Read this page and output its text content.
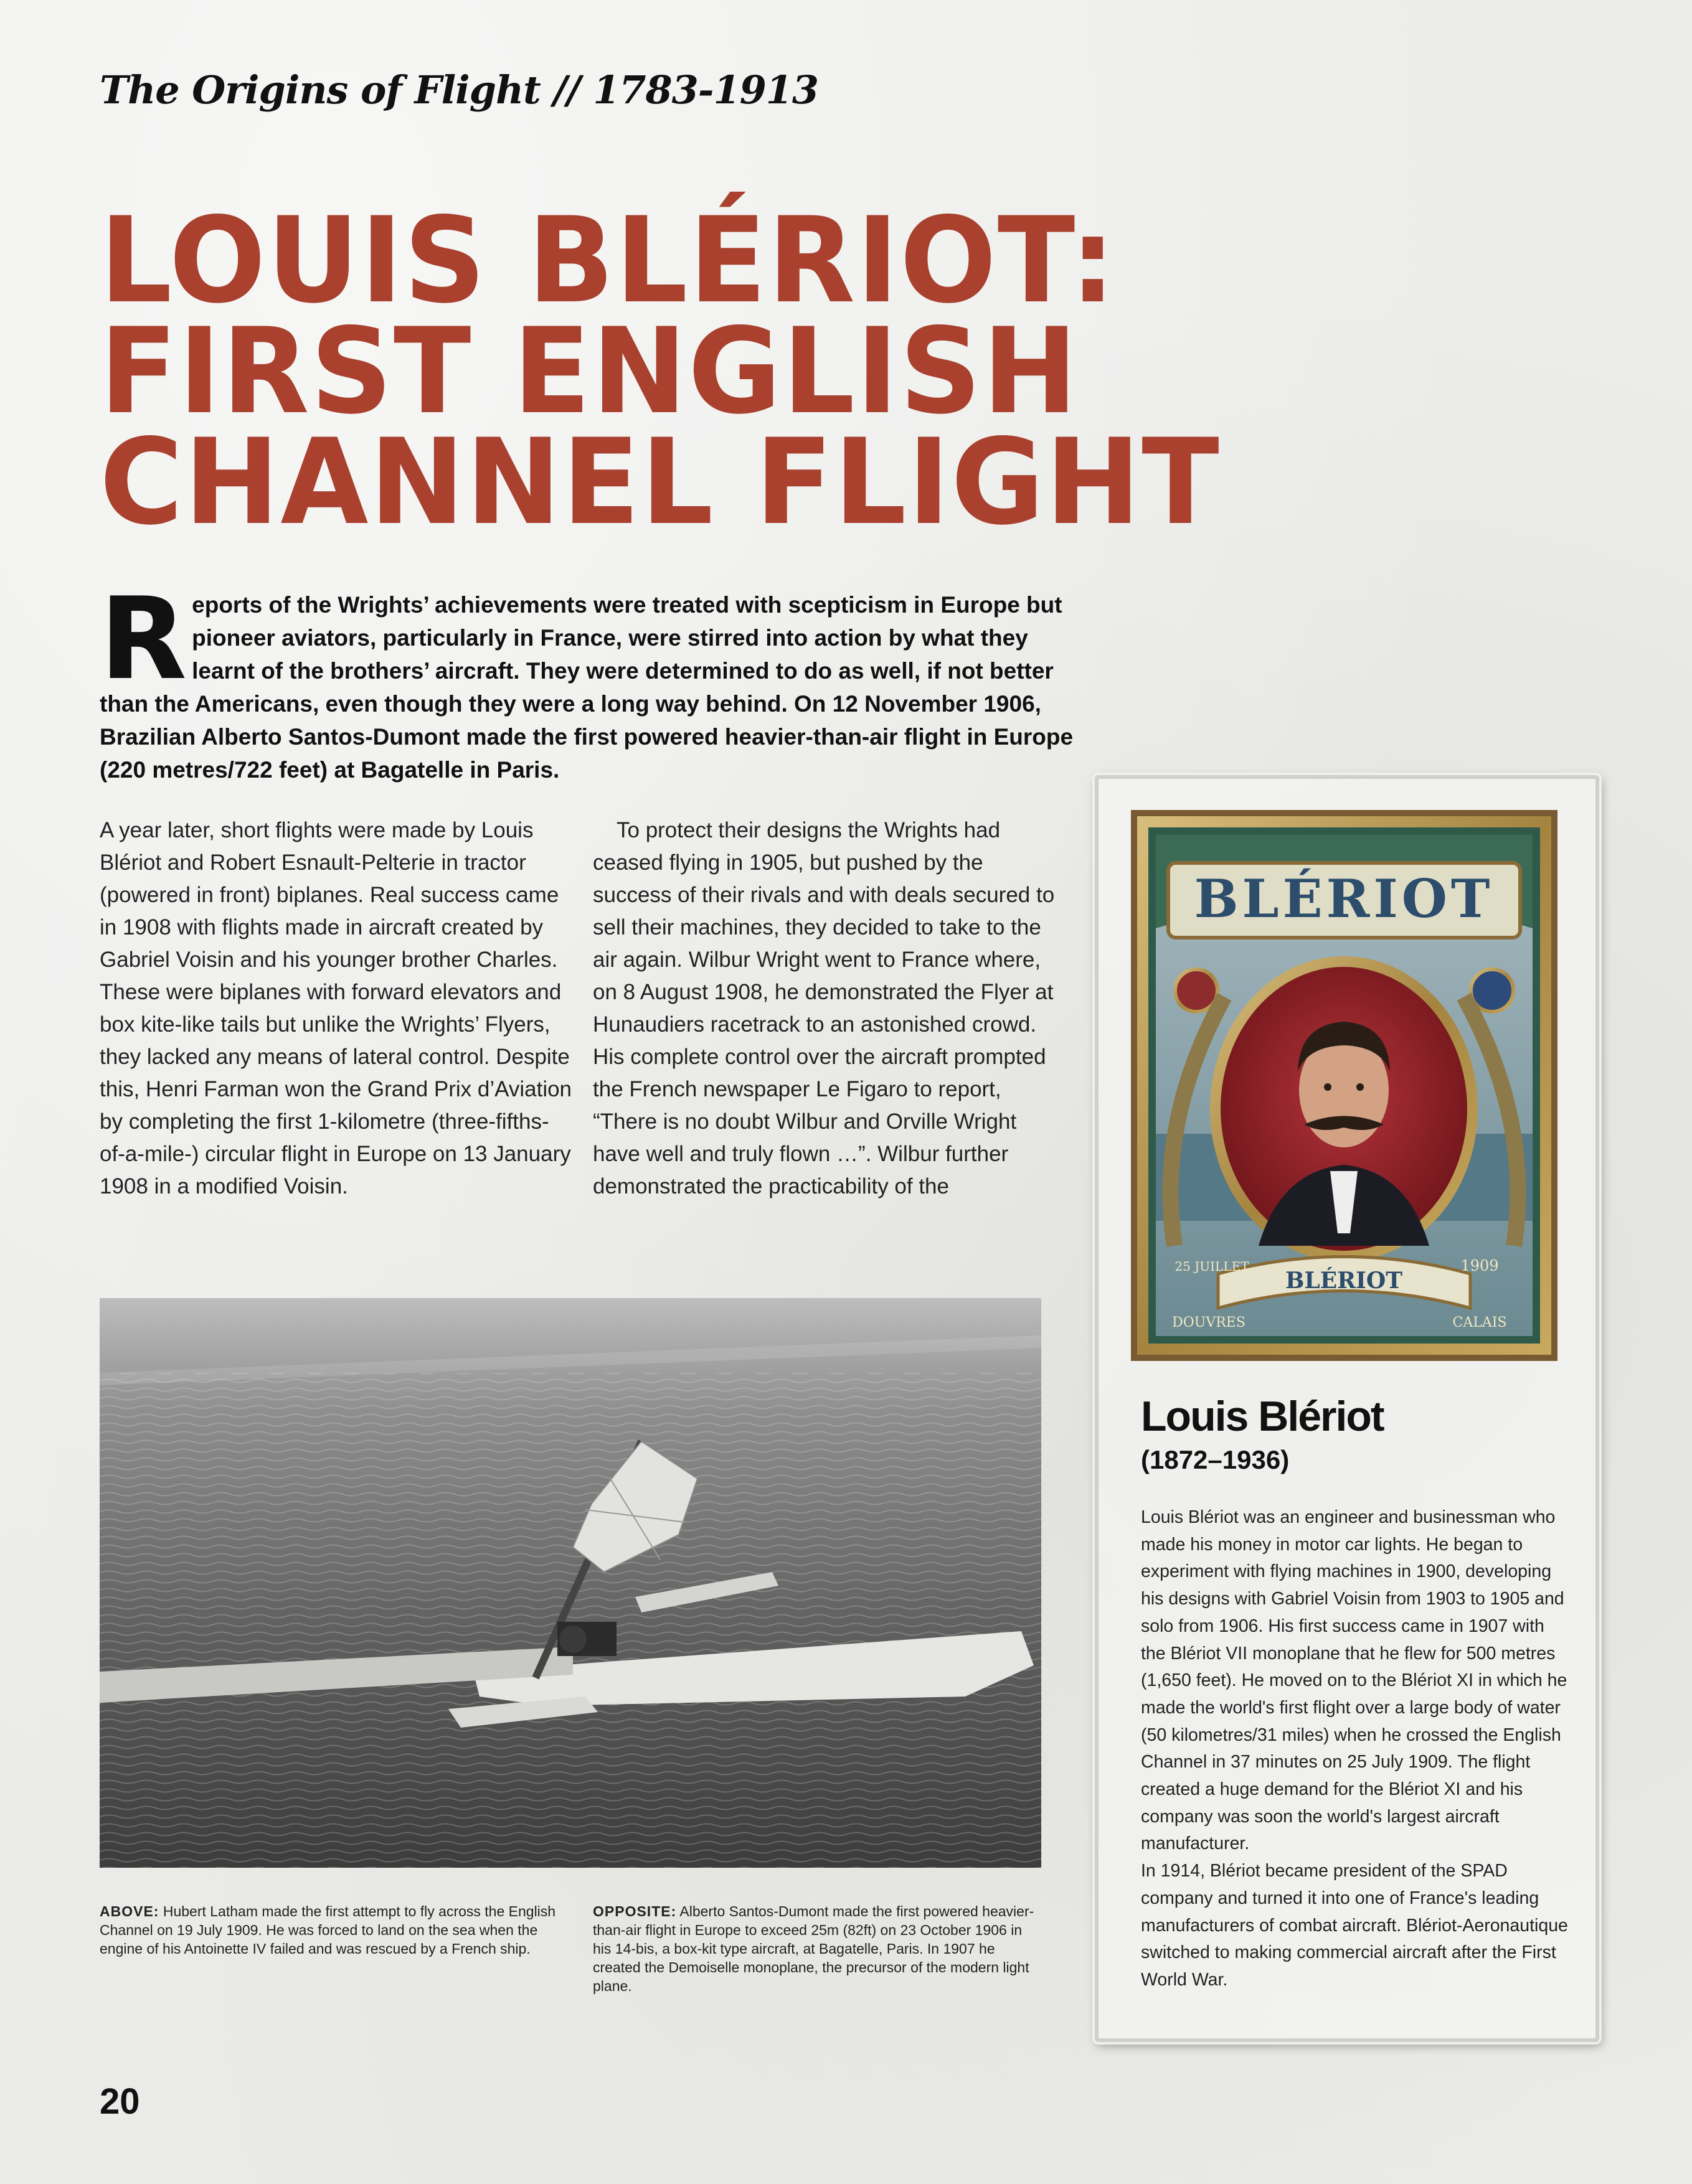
The Origins of Flight // 1783-1913
LOUIS BLÉRIOT:
FIRST ENGLISH
CHANNEL FLIGHT
R eports of the Wrights’ achievements were treated with scepticism in Europe but pioneer aviators, particularly in France, were stirred into action by what they learnt of the brothers’ aircraft. They were determined to do as well, if not better than the Americans, even though they were a long way behind. On 12 November 1906, Brazilian Alberto Santos-Dumont made the first powered heavier-than-air flight in Europe (220 metres/722 feet) at Bagatelle in Paris.
A year later, short flights were made by Louis Blériot and Robert Esnault-Pelterie in tractor (powered in front) biplanes. Real success came in 1908 with flights made in aircraft created by Gabriel Voisin and his younger brother Charles. These were biplanes with forward elevators and box kite-like tails but unlike the Wrights’ Flyers, they lacked any means of lateral control. Despite this, Henri Farman won the Grand Prix d’Aviation by completing the first 1-kilometre (three-fifths-of-a-mile-) circular flight in Europe on 13 January 1908 in a modified Voisin.
To protect their designs the Wrights had ceased flying in 1905, but pushed by the success of their rivals and with deals secured to sell their machines, they decided to take to the air again. Wilbur Wright went to France where, on 8 August 1908, he demonstrated the Flyer at Hunaudiers racetrack to an astonished crowd. His complete control over the aircraft prompted the French newspaper Le Figaro to report, “There is no doubt Wilbur and Orville Wright have well and truly flown …”. Wilbur further demonstrated the practicability of the
ABOVE: Hubert Latham made the first attempt to fly across the English Channel on 19 July 1909. He was forced to land on the sea when the engine of his Antoinette IV failed and was rescued by a French ship.
OPPOSITE: Alberto Santos-Dumont made the first powered heavier-than-air flight in Europe to exceed 25m (82ft) on 23 October 1906 in his 14-bis, a box-kit type aircraft, at Bagatelle, Paris. In 1907 he created the Demoiselle monoplane, the precursor of the modern light plane.
BLÉRIOT
BLÉRIOT
25 JUILLET	1909
DOUVRES	CALAIS
Louis Blériot
(1872–1936)

Louis Blériot was an engineer and businessman who made his money in motor car lights. He began to experiment with flying machines in 1900, developing his designs with Gabriel Voisin from 1903 to 1905 and solo from 1906. His first success came in 1907 with the Blériot VII monoplane that he flew for 500 metres (1,650 feet). He moved on to the Blériot XI in which he made the world's first flight over a large body of water (50 kilometres/31 miles) when he crossed the English Channel in 37 minutes on 25 July 1909. The flight created a huge demand for the Blériot XI and his company was soon the world's largest aircraft manufacturer.

In 1914, Blériot became president of the SPAD company and turned it into one of France's leading manufacturers of combat aircraft. Blériot-Aeronautique switched to making commercial aircraft after the First World War.

20
